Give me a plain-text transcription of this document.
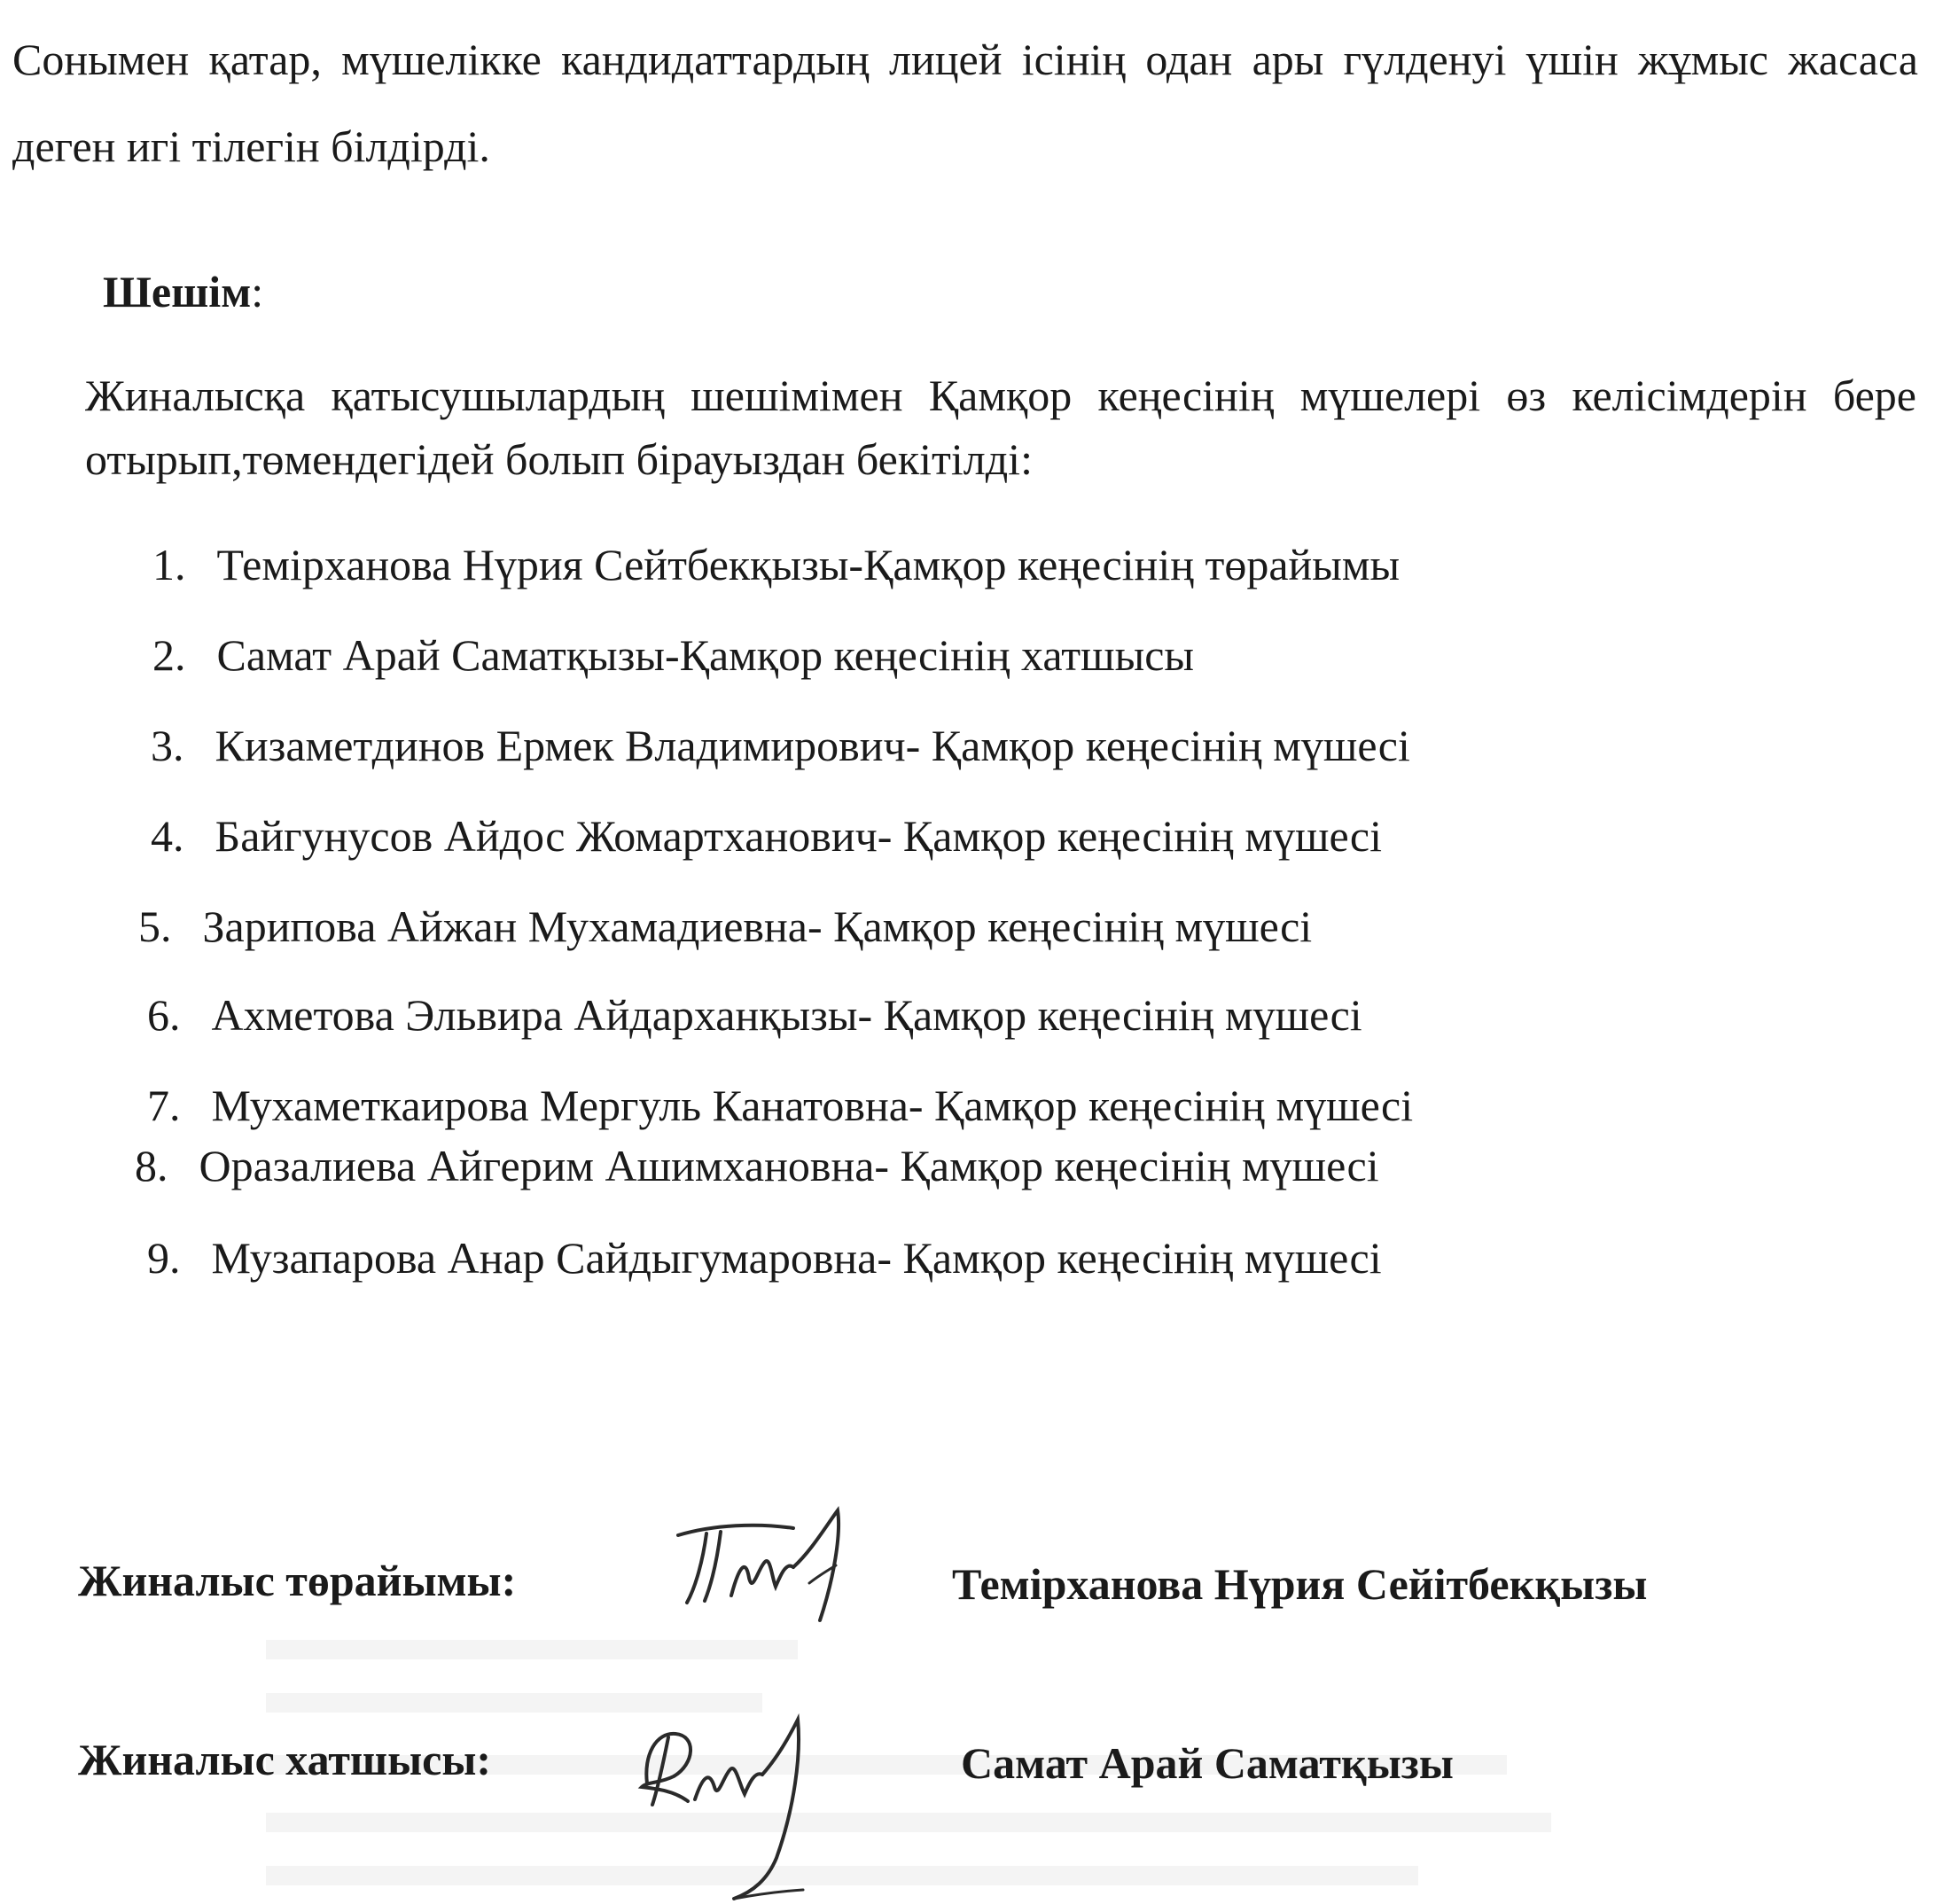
Сонымен қатар, мүшелікке кандидаттардың лицей ісінің одан ары гүлденуі үшін жұмыс жасаса деген игі тілегін білдірді.

Шешім:

Жиналысқа қатысушылардың шешімімен Қамқор кеңесінің мүшелері өз келісімдерін бере отырып,төмендегідей болып бірауыздан бекітілді:

1. Темірханова Нүрия Сейтбекқызы-Қамқор кеңесінің төрайымы

2. Самат Арай Саматқызы-Қамқор кеңесінің хатшысы

3. Кизаметдинов Ермек Владимирович- Қамқор кеңесінің мүшесі

4. Байгунусов Айдос Жомартханович- Қамқор кеңесінің мүшесі

5. Зарипова Айжан Мухамадиевна- Қамқор кеңесінің мүшесі

6. Ахметова Эльвира Айдарханқызы- Қамқор кеңесінің мүшесі

7. Мухаметкаирова Мергуль Канатовна- Қамқор кеңесінің мүшесі

8. Оразалиева Айгерим Ашимхановна- Қамқор кеңесінің мүшесі

9. Музапарова Анар Сайдыгумаровна- Қамқор кеңесінің мүшесі

Жиналыс төрайымы:	Темірханова Нүрия Сейітбекқызы
Жиналыс хатшысы:	Самат Арай Саматқызы
